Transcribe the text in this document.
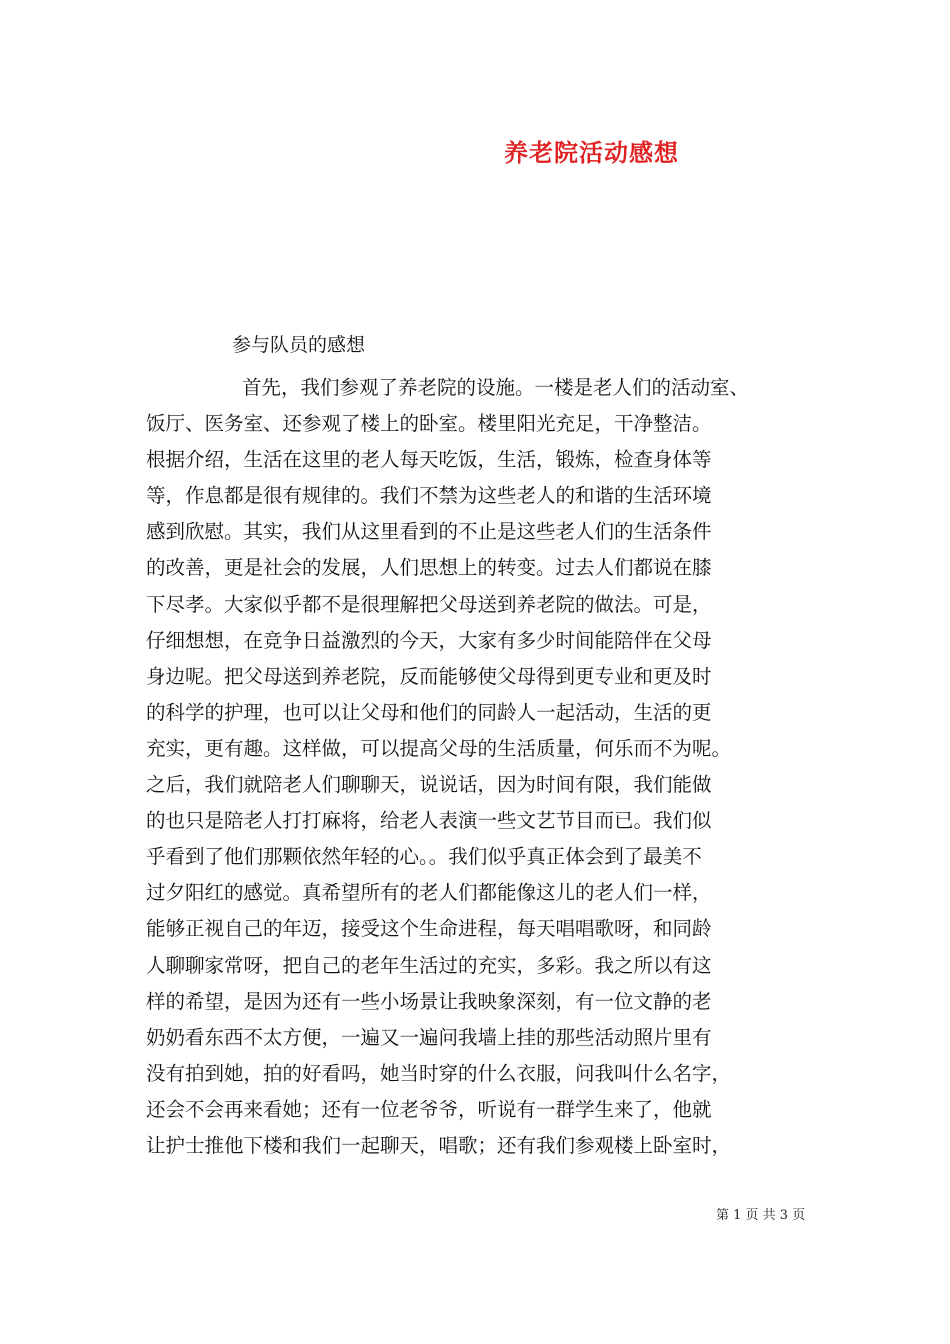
养老院活动感想

参与队员的感想

首先，我们参观了养老院的设施。一楼是老人们的活动室、
饭厅、医务室、还参观了楼上的卧室。楼里阳光充足，干净整洁。
根据介绍，生活在这里的老人每天吃饭，生活，锻炼，检查身体等
等，作息都是很有规律的。我们不禁为这些老人的和谐的生活环境
感到欣慰。其实，我们从这里看到的不止是这些老人们的生活条件
的改善，更是社会的发展，人们思想上的转变。过去人们都说在膝
下尽孝。大家似乎都不是很理解把父母送到养老院的做法。可是，
仔细想想，在竞争日益激烈的今天，大家有多少时间能陪伴在父母
身边呢。把父母送到养老院，反而能够使父母得到更专业和更及时
的科学的护理，也可以让父母和他们的同龄人一起活动，生活的更
充实，更有趣。这样做，可以提高父母的生活质量，何乐而不为呢。
之后，我们就陪老人们聊聊天，说说话，因为时间有限，我们能做
的也只是陪老人打打麻将，给老人表演一些文艺节目而已。我们似
乎看到了他们那颗依然年轻的心。。我们似乎真正体会到了最美不
过夕阳红的感觉。真希望所有的老人们都能像这儿的老人们一样，
能够正视自己的年迈，接受这个生命进程，每天唱唱歌呀，和同龄
人聊聊家常呀，把自己的老年生活过的充实，多彩。我之所以有这
样的希望，是因为还有一些小场景让我映象深刻，有一位文静的老
奶奶看东西不太方便，一遍又一遍问我墙上挂的那些活动照片里有
没有拍到她，拍的好看吗，她当时穿的什么衣服，问我叫什么名字，
还会不会再来看她；还有一位老爷爷，听说有一群学生来了，他就
让护士推他下楼和我们一起聊天，唱歌；还有我们参观楼上卧室时，
第 1 页 共 3 页
